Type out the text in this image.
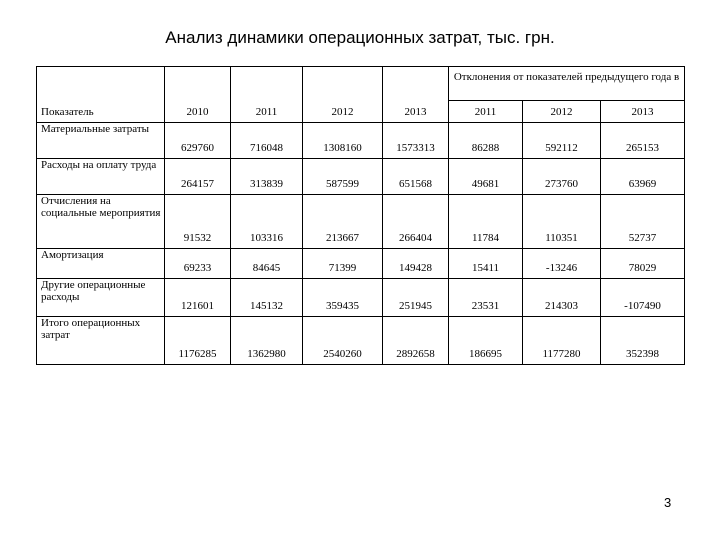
Анализ динамики операционных затрат, тыс. грн.
Показатель	2010	2011	2012	2013	Отклонения от показателей предыдущего года в		
					2011	2012	2013
Материальные затраты	629760	716048	1308160	1573313	86288	592112	265153
Расходы на оплату труда	264157	313839	587599	651568	49681	273760	63969
Отчисления на социальные мероприятия	91532	103316	213667	266404	11784	110351	52737
Амортизация	69233	84645	71399	149428	15411	-13246	78029
Другие операционные расходы	121601	145132	359435	251945	23531	214303	-107490
Итого операционных затрат	1176285	1362980	2540260	2892658	186695	1177280	352398
3
